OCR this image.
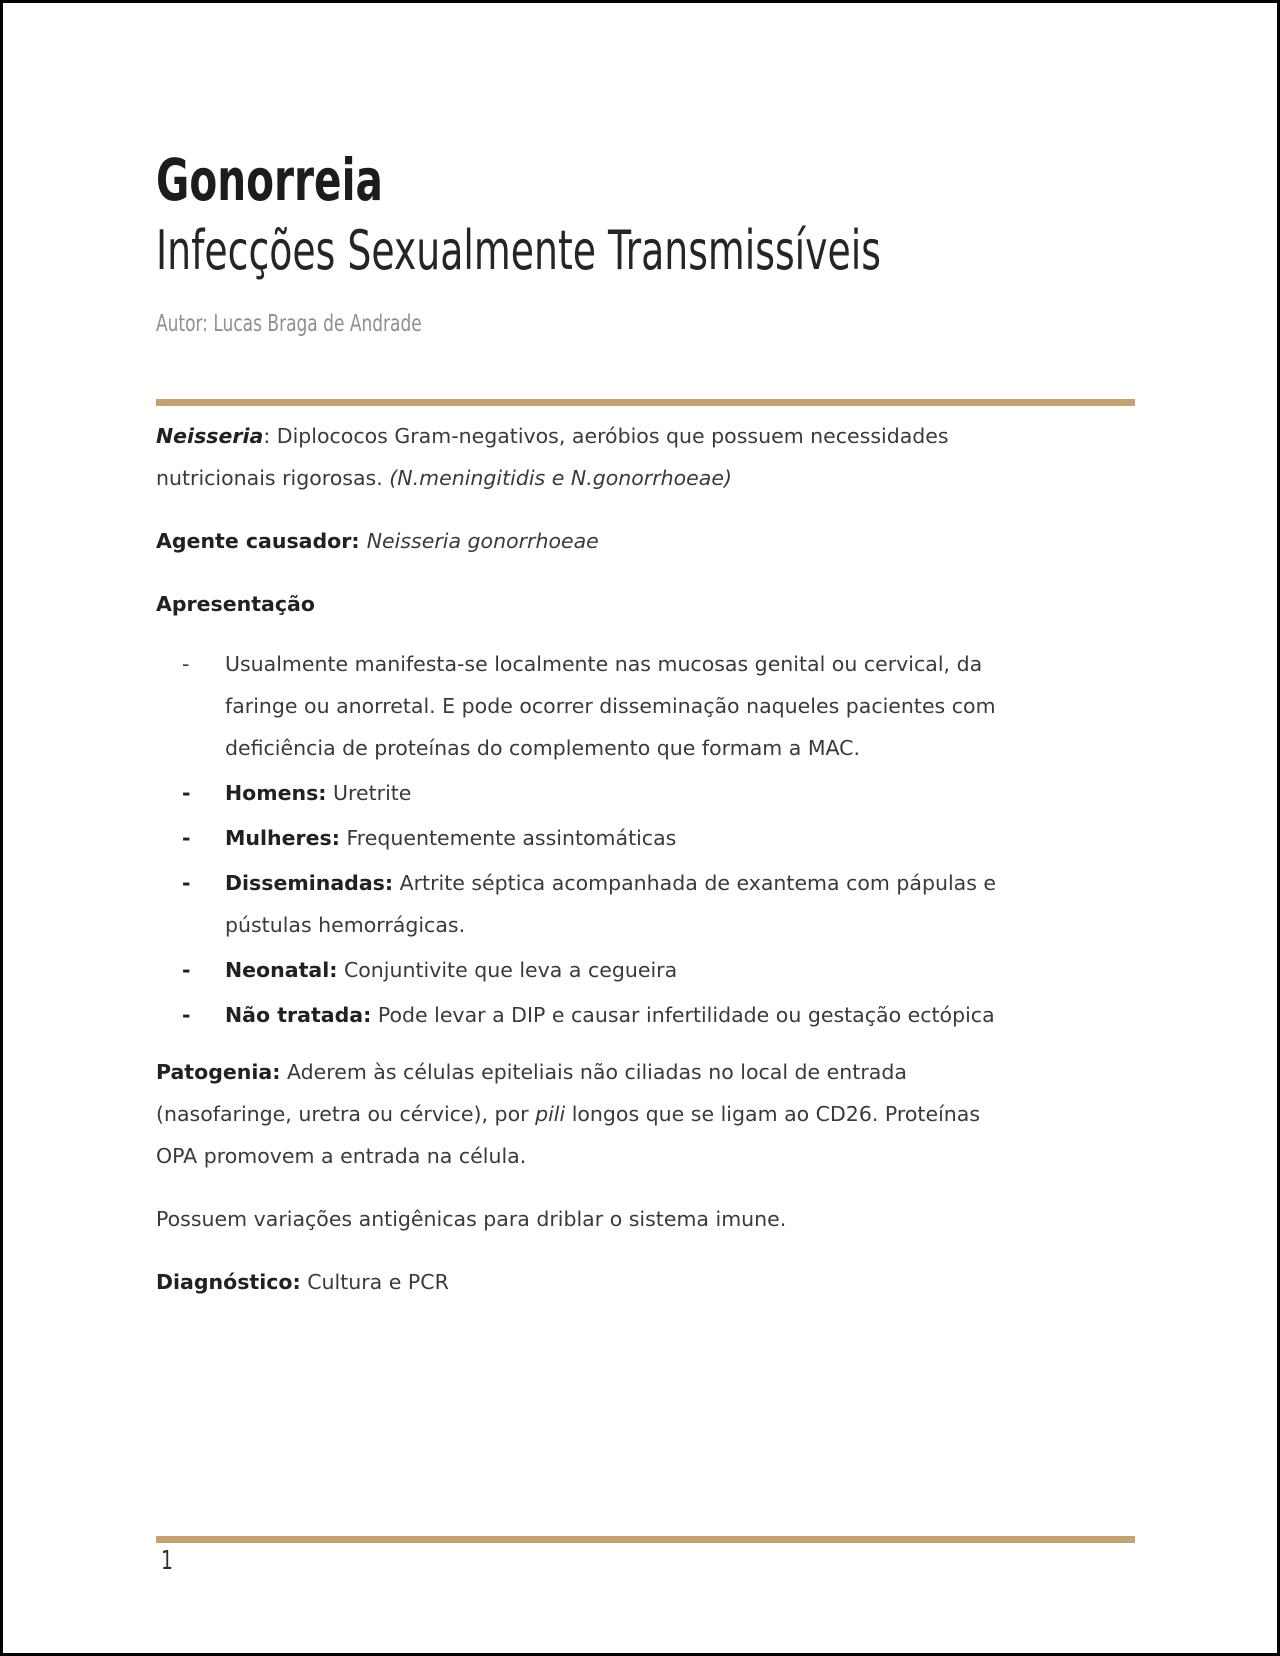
Gonorreia
Infecções Sexualmente Transmissíveis
Autor: Lucas Braga de Andrade
Neisseria: Diplococos Gram-negativos, aeróbios que possuem necessidades
nutricionais rigorosas. (N.meningitidis e N.gonorrhoeae)
Agente causador: Neisseria gonorrhoeae
Apresentação
- Usualmente manifesta-se localmente nas mucosas genital ou cervical, da
faringe ou anorretal. E pode ocorrer disseminação naqueles pacientes com
deficiência de proteínas do complemento que formam a MAC.
- Homens: Uretrite
- Mulheres: Frequentemente assintomáticas
- Disseminadas: Artrite séptica acompanhada de exantema com pápulas e
pústulas hemorrágicas.
- Neonatal: Conjuntivite que leva a cegueira
- Não tratada: Pode levar a DIP e causar infertilidade ou gestação ectópica
Patogenia: Aderem às células epiteliais não ciliadas no local de entrada
(nasofaringe, uretra ou cérvice), por pili longos que se ligam ao CD26. Proteínas
OPA promovem a entrada na célula.
Possuem variações antigênicas para driblar o sistema imune.
Diagnóstico: Cultura e PCR
1
